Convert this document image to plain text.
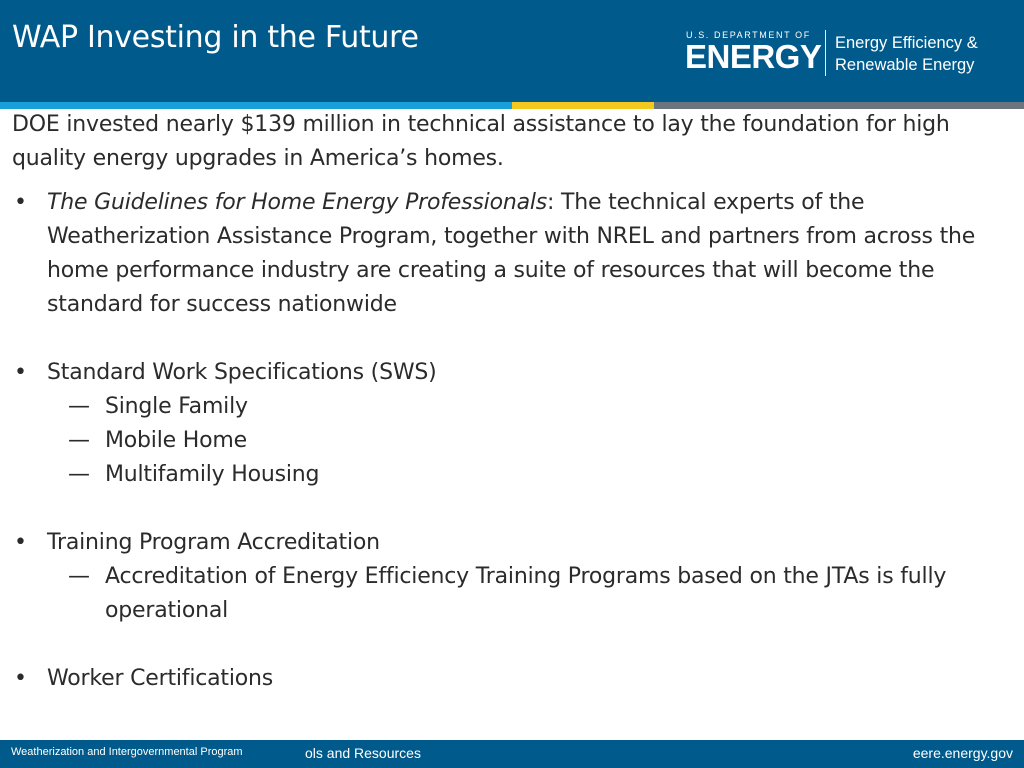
WAP Investing in the Future	U.S. DEPARTMENT OF
ENERGY Energy Efficiency &
Renewable Energy
DOE invested nearly $139 million in technical assistance to lay the foundation for high quality energy upgrades in America’s homes.
• The Guidelines for Home Energy Professionals: The technical experts of the Weatherization Assistance Program, together with NREL and partners from across the home performance industry are creating a suite of resources that will become the standard for success nationwide
• Standard Work Specifications (SWS)
— Single Family
— Mobile Home
— Multifamily Housing
• Training Program Accreditation
— Accreditation of Energy Efficiency Training Programs based on the JTAs is fully operational
• Worker Certifications
Weatherization and Intergovernmental Program	ols and Resources	eere.energy.gov
